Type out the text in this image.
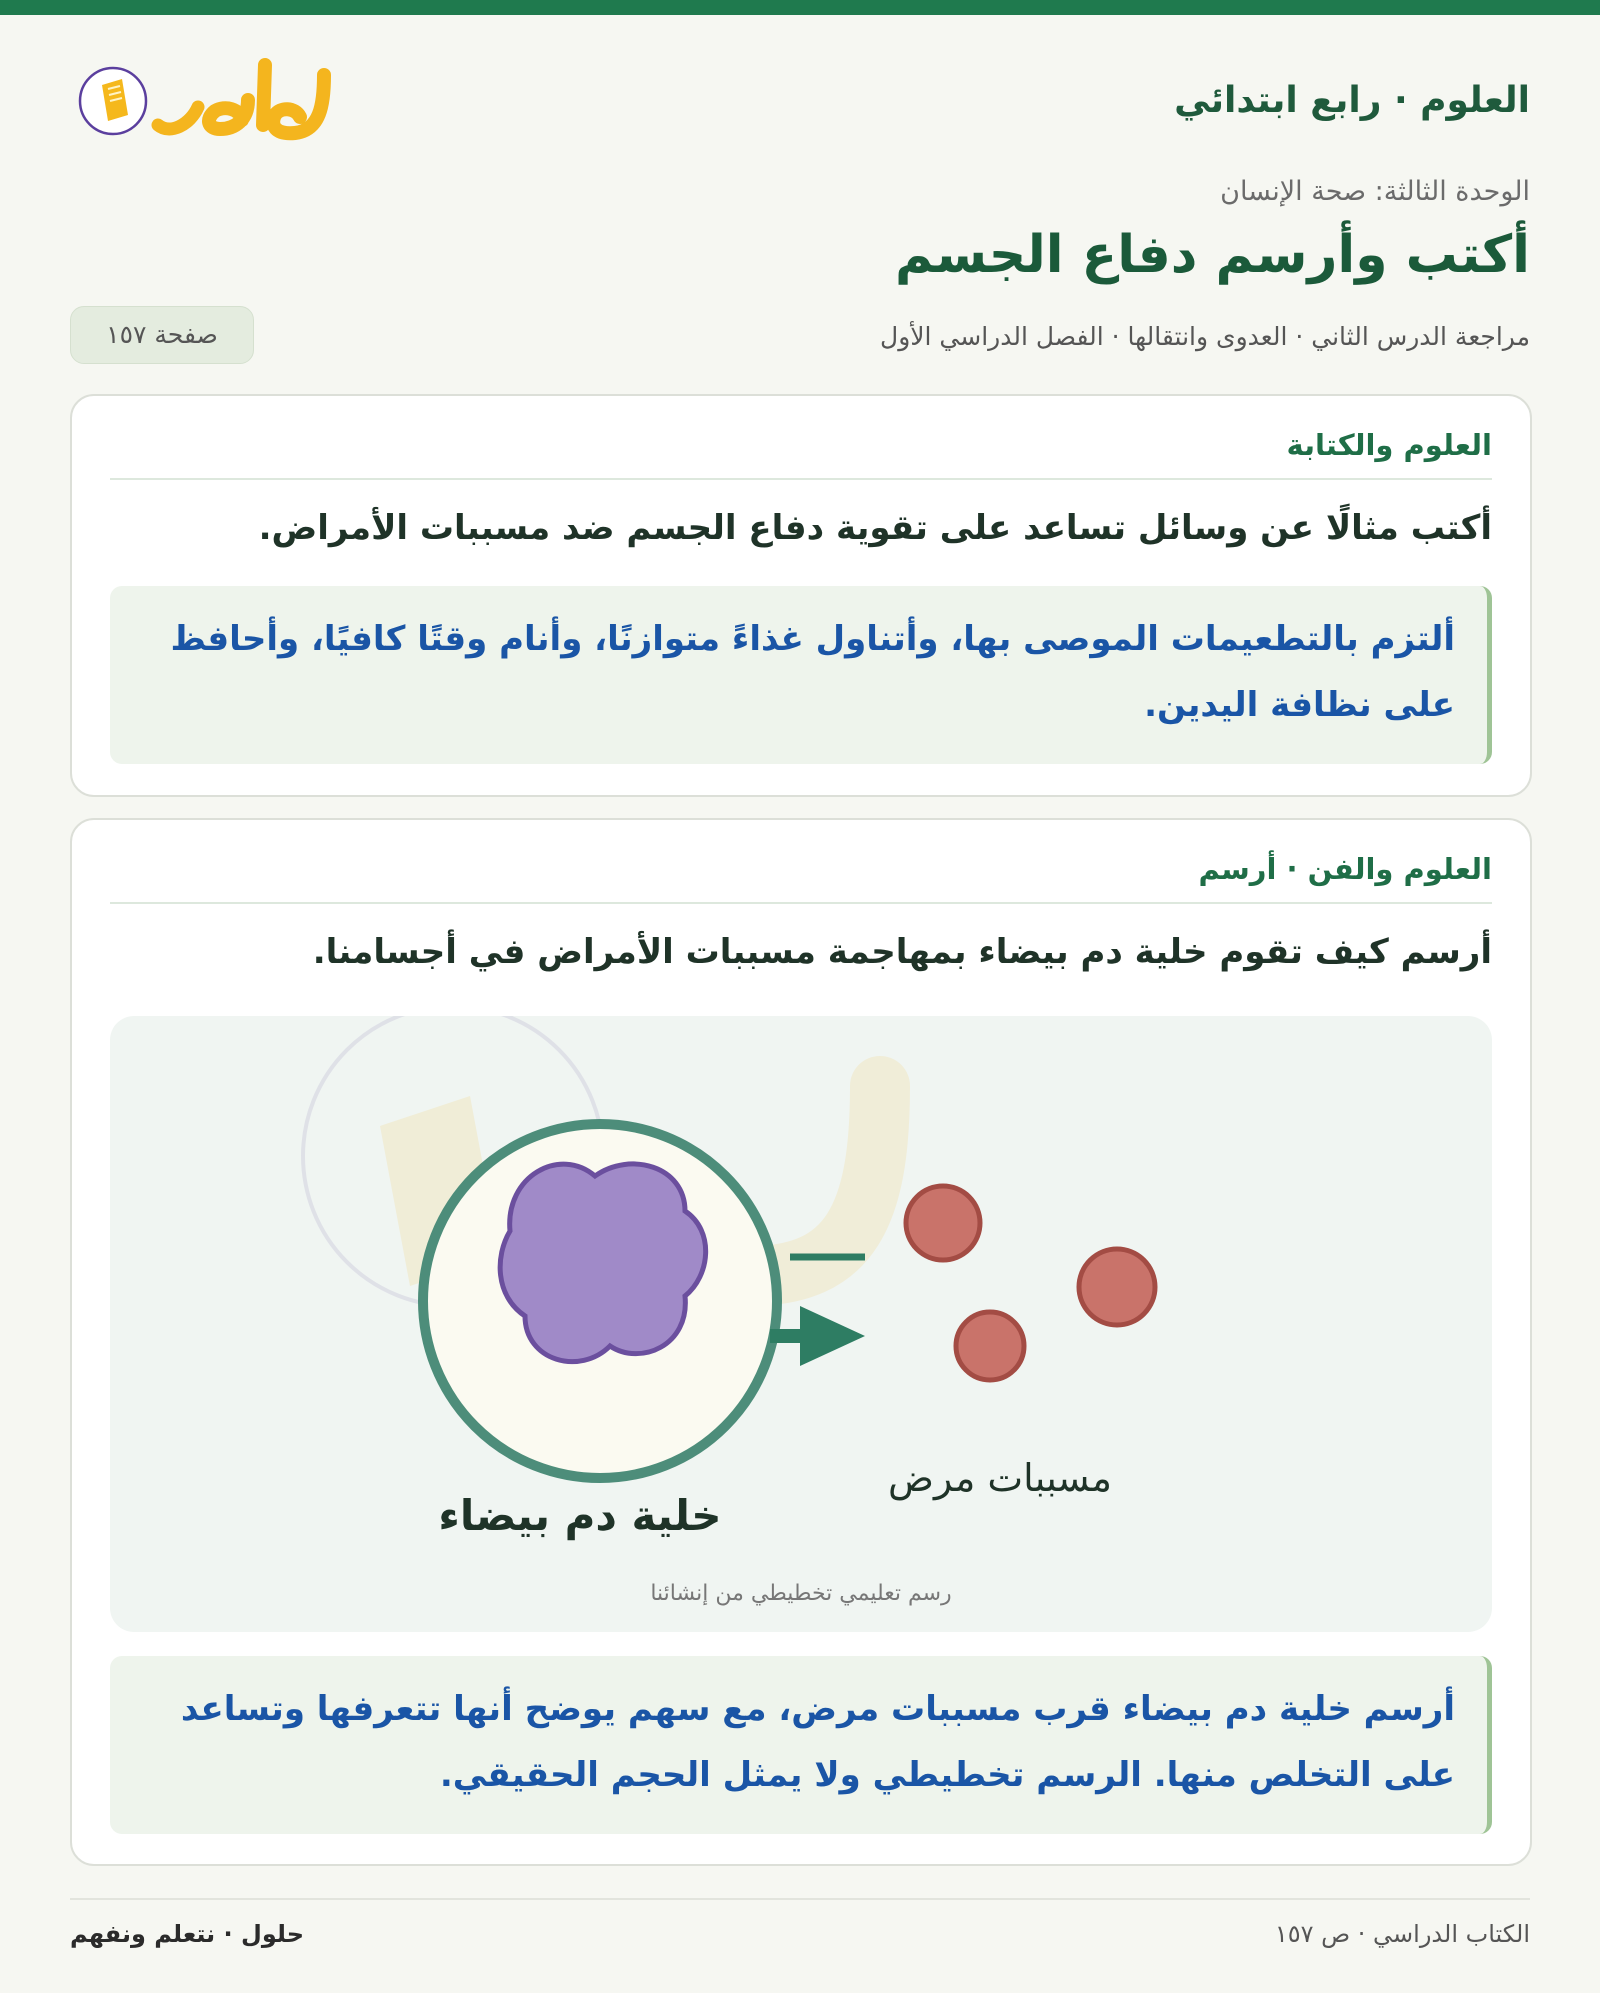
العلوم · رابع ابتدائي
الوحدة الثالثة: صحة الإنسان
أكتب وأرسم دفاع الجسم
مراجعة الدرس الثاني · العدوى وانتقالها · الفصل الدراسي الأول
صفحة ١٥٧
العلوم والكتابة
أكتب مثالًا عن وسائل تساعد على تقوية دفاع الجسم ضد مسببات الأمراض.
ألتزم بالتطعيمات الموصى بها، وأتناول غذاءً متوازنًا، وأنام وقتًا كافيًا، وأحافظ على نظافة اليدين.
العلوم والفن · أرسم
أرسم كيف تقوم خلية دم بيضاء بمهاجمة مسببات الأمراض في أجسامنا.
خلية دم بيضاء
مسببات مرض
رسم تعليمي تخطيطي من إنشائنا
أرسم خلية دم بيضاء قرب مسببات مرض، مع سهم يوضح أنها تتعرفها وتساعد على التخلص منها. الرسم تخطيطي ولا يمثل الحجم الحقيقي.
الكتاب الدراسي · ص ١٥٧
حلول · نتعلم ونفهم
